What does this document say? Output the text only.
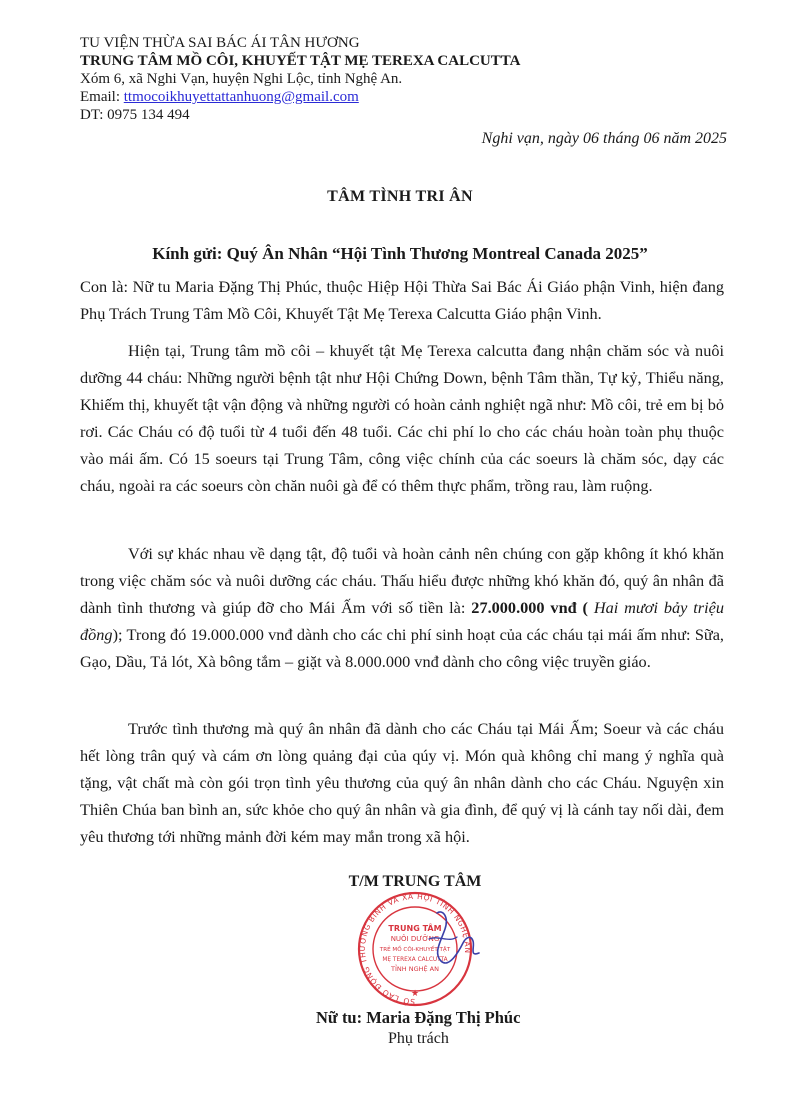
TU VIỆN THỪA SAI BÁC ÁI TÂN HƯƠNG
TRUNG TÂM MỒ CÔI, KHUYẾT TẬT MẸ TEREXA CALCUTTA
Xóm 6, xã Nghi Vạn, huyện Nghi Lộc, tỉnh Nghệ An.
Email: ttmocoikhuyettattanhuong@gmail.com
DT: 0975 134 494
Nghi vạn, ngày 06 tháng 06 năm 2025
TÂM TÌNH TRI ÂN
Kính gửi: Quý Ân Nhân “Hội Tình Thương Montreal Canada 2025”

Con là: Nữ tu Maria Đặng Thị Phúc, thuộc Hiệp Hội Thừa Sai Bác Ái Giáo phận Vinh, hiện đang Phụ Trách Trung Tâm Mồ Côi, Khuyết Tật Mẹ Terexa Calcutta Giáo phận Vinh.

Hiện tại, Trung tâm mồ côi – khuyết tật Mẹ Terexa calcutta đang nhận chăm sóc và nuôi dưỡng 44 cháu: Những người bệnh tật như Hội Chứng Down, bệnh Tâm thần, Tự kỷ, Thiểu năng, Khiếm thị, khuyết tật vận động và những người có hoàn cảnh nghiệt ngã như: Mồ côi, trẻ em bị bỏ rơi. Các Cháu có độ tuổi từ 4 tuổi đến 48 tuổi. Các chi phí lo cho các cháu hoàn toàn phụ thuộc vào mái ấm. Có 15 soeurs tại Trung Tâm, công việc chính của các soeurs là chăm sóc, dạy các cháu, ngoài ra các soeurs còn chăn nuôi gà để có thêm thực phẩm, trồng rau, làm ruộng.

Với sự khác nhau về dạng tật, độ tuổi và hoàn cảnh nên chúng con gặp không ít khó khăn trong việc chăm sóc và nuôi dưỡng các cháu. Thấu hiểu được những khó khăn đó, quý ân nhân đã dành tình thương và giúp đỡ cho Mái Ấm với số tiền là: 27.000.000 vnđ ( Hai mươi bảy triệu đồng); Trong đó 19.000.000 vnđ dành cho các chi phí sinh hoạt của các cháu tại mái ấm như: Sữa, Gạo, Dầu, Tả lót, Xà bông tắm – giặt và 8.000.000 vnđ dành cho công việc truyền giáo.

Trước tình thương mà quý ân nhân đã dành cho các Cháu tại Mái Ấm; Soeur và các cháu hết lòng trân quý và cám ơn lòng quảng đại của qúy vị. Món quà không chỉ mang ý nghĩa quà tặng, vật chất mà còn gói trọn tình yêu thương của quý ân nhân dành cho các Cháu. Nguyện xin Thiên Chúa ban bình an, sức khỏe cho quý ân nhân và gia đình, để quý vị là cánh tay nối dài, đem yêu thương tới những mảnh đời kém may mắn trong xã hội.

T/M TRUNG TÂM
SỞ LAO ĐỘNG THƯƠNG BINH VÀ XÃ HỘI TỈNH NGHỆ AN
TRUNG TÂM
NUÔI DƯỠNG
TRẺ MỒ CÔI-KHUYẾT TẬT
MẸ TEREXA CALCUTTA
TỈNH NGHỆ AN
★
Nữ tu: Maria Đặng Thị Phúc
Phụ trách
